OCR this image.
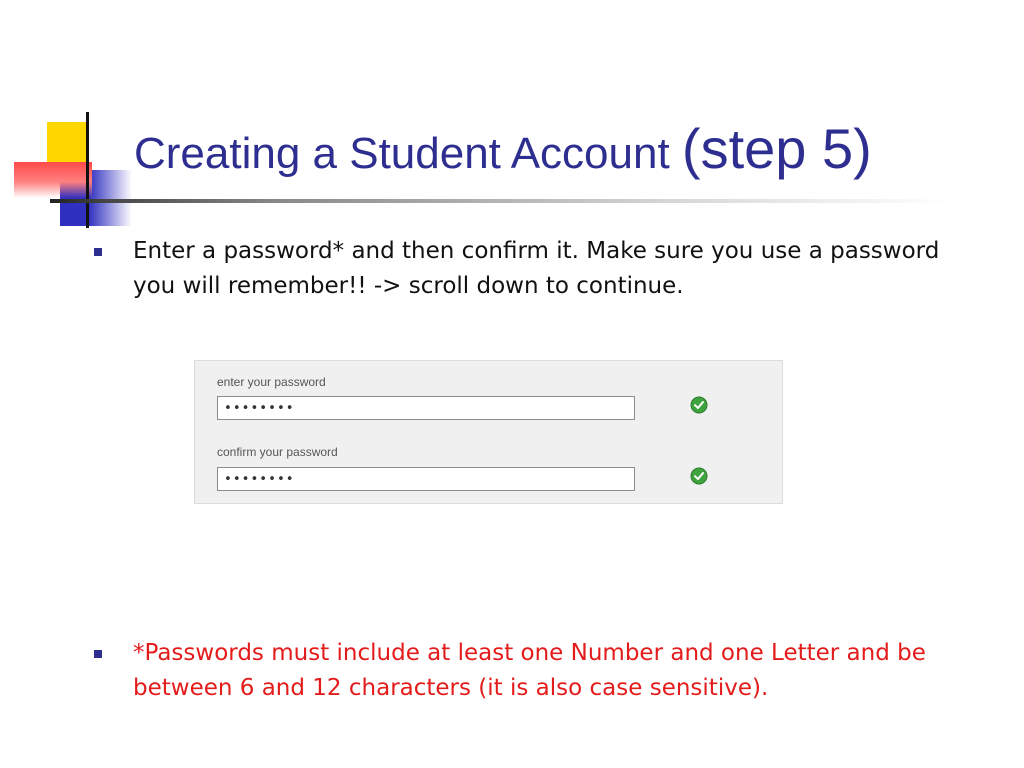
Creating a Student Account (step 5)

Enter a password* and then confirm it. Make sure you use a password you will remember!! -> scroll down to continue.

enter your password
••••••••
confirm your password
••••••••

*Passwords must include at least one Number and one Letter and be between 6 and 12 characters (it is also case sensitive).
